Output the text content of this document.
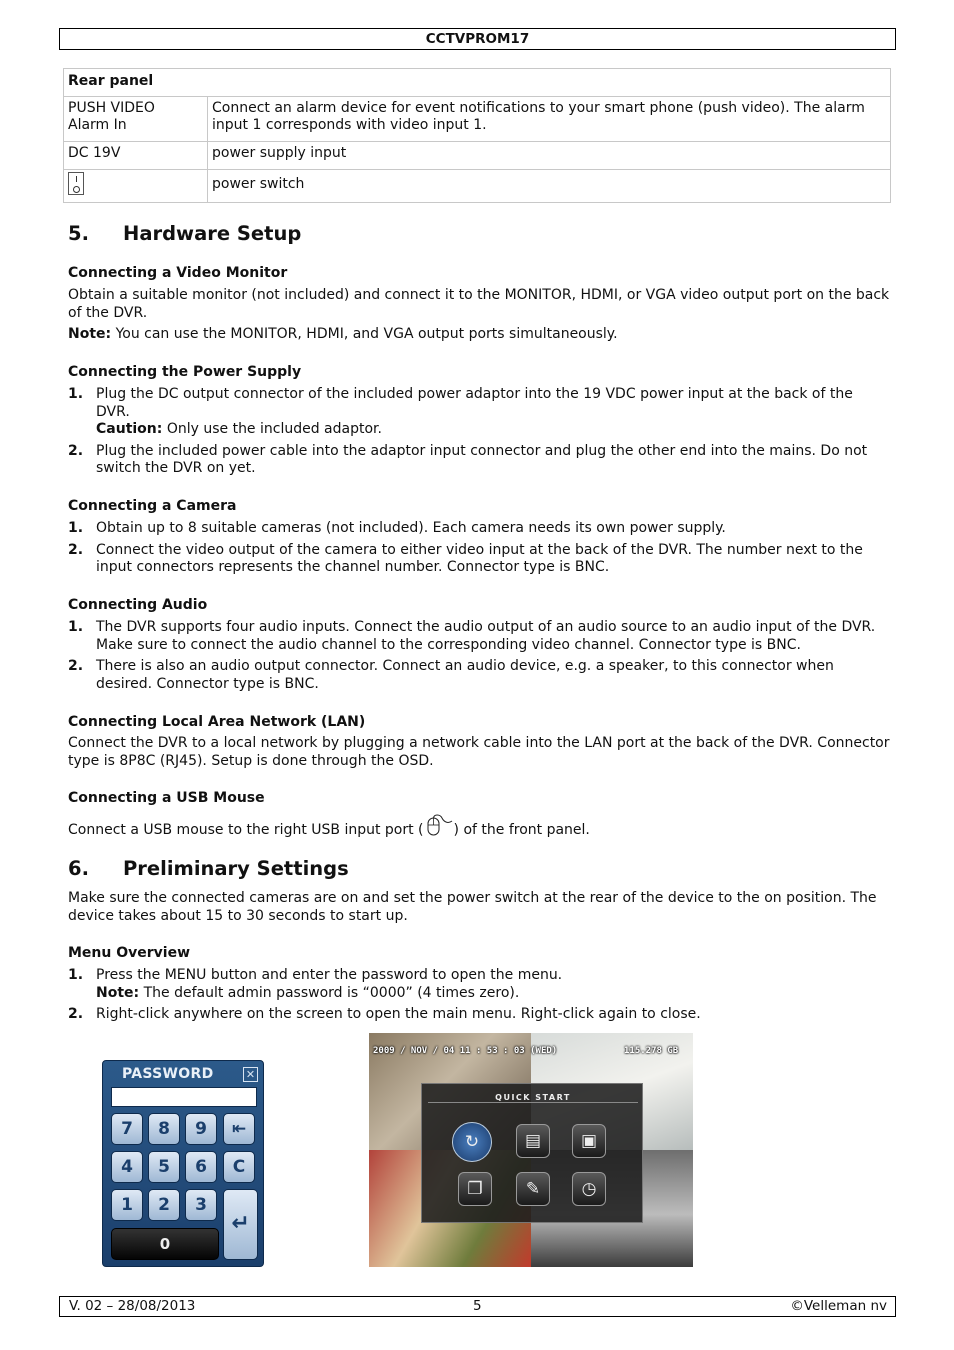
CCTVPROM17
Rear panel	
PUSH VIDEO
Alarm In	Connect an alarm device for event notifications to your smart phone (push video). The alarm input 1 corresponds with video input 1.
DC 19V	power supply input

	power switch
5. Hardware Setup
Connecting a Video Monitor

Obtain a suitable monitor (not included) and connect it to the MONITOR, HDMI, or VGA video output port on the back of the DVR.

Note: You can use the MONITOR, HDMI, and VGA output ports simultaneously.

Connecting the Power Supply
1. Plug the DC output connector of the included power adaptor into the 19 VDC power input at the back of the DVR.
Caution: Only use the included adaptor.
2. Plug the included power cable into the adaptor input connector and plug the other end into the mains. Do not switch the DVR on yet.
Connecting a Camera
1. Obtain up to 8 suitable cameras (not included). Each camera needs its own power supply.
2. Connect the video output of the camera to either video input at the back of the DVR. The number next to the input connectors represents the channel number. Connector type is BNC.
Connecting Audio
1. The DVR supports four audio inputs. Connect the audio output of an audio source to an audio input of the DVR. Make sure to connect the audio channel to the corresponding video channel. Connector type is BNC.
2. There is also an audio output connector. Connect an audio device, e.g. a speaker, to this connector when desired. Connector type is BNC.
Connecting Local Area Network (LAN)

Connect the DVR to a local network by plugging a network cable into the LAN port at the back of the DVR. Connector type is 8P8C (RJ45). Setup is done through the OSD.

Connecting a USB Mouse

Connect a USB mouse to the right USB input port ( ) of the front panel.

6. Preliminary Settings

Make sure the connected cameras are on and set the power switch at the rear of the device to the on position. The device takes about 15 to 30 seconds to start up.

Menu Overview
1. Press the MENU button and enter the password to open the menu.
Note: The default admin password is “0000” (4 times zero).
2. Right-click anywhere on the screen to open the main menu. Right-click again to close.
PASSWORD	✕
7	8	9	⇤
4	5	6	C
1	2	3
0
↵
2009 / NOV / 04 11 : 53 : 03 (WED)	115.278 GB
QUICK START
↻	▤	▣
❐	✎	◷
V. 02 – 28/08/2013	5	©Velleman nv
